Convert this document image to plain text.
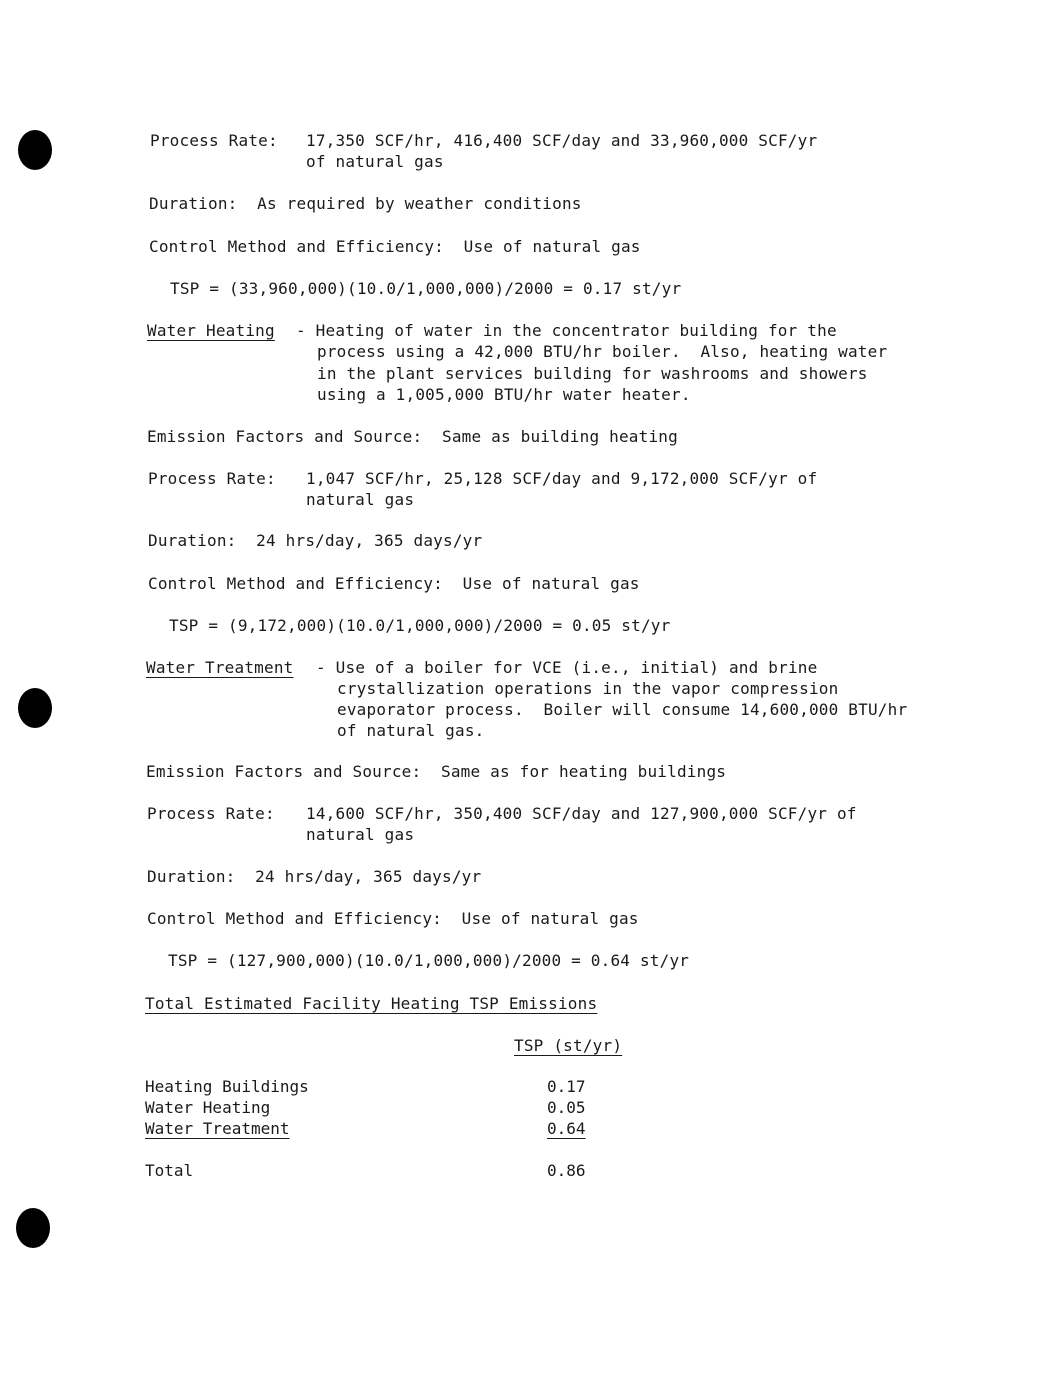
Process Rate: 17,350 SCF/hr, 416,400 SCF/day and 33,960,000 SCF/yr
of natural gas
Duration:  As required by weather conditions
Control Method and Efficiency:  Use of natural gas
TSP = (33,960,000)(10.0/1,000,000)/2000 = 0.17 st/yr
Water Heating - Heating of water in the concentrator building for the
process using a 42,000 BTU/hr boiler.  Also, heating water
in the plant services building for washrooms and showers
using a 1,005,000 BTU/hr water heater.
Emission Factors and Source:  Same as building heating
Process Rate: 1,047 SCF/hr, 25,128 SCF/day and 9,172,000 SCF/yr of
natural gas
Duration:  24 hrs/day, 365 days/yr
Control Method and Efficiency:  Use of natural gas
TSP = (9,172,000)(10.0/1,000,000)/2000 = 0.05 st/yr
Water Treatment - Use of a boiler for VCE (i.e., initial) and brine
crystallization operations in the vapor compression
evaporator process.  Boiler will consume 14,600,000 BTU/hr
of natural gas.
Emission Factors and Source:  Same as for heating buildings
Process Rate: 14,600 SCF/hr, 350,400 SCF/day and 127,900,000 SCF/yr of
natural gas
Duration:  24 hrs/day, 365 days/yr
Control Method and Efficiency:  Use of natural gas
TSP = (127,900,000)(10.0/1,000,000)/2000 = 0.64 st/yr
Total Estimated Facility Heating TSP Emissions
TSP (st/yr)
Heating Buildings	0.17
Water Heating	0.05
Water Treatment	0.64
Total	0.86
